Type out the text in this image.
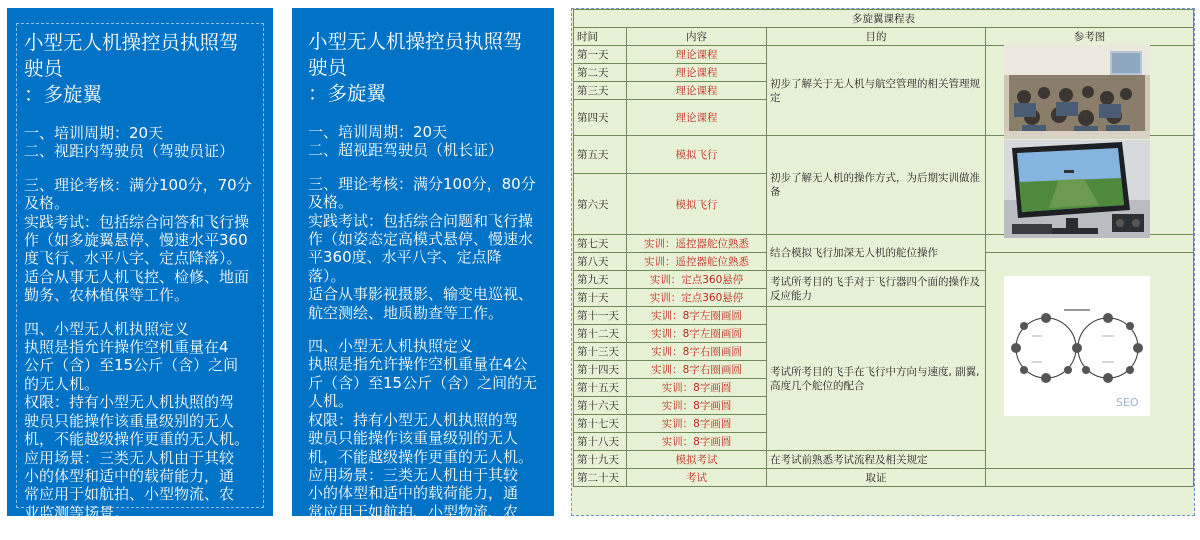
小型无人机操控员执照驾驶员
：多旋翼

一、培训周期：20天
二、视距内驾驶员（驾驶员证）

三、理论考核：满分100分，70分
及格。

实践考试：包括综合问答和飞行操
作（如多旋翼悬停、慢速水平360
度飞行、水平八字、定点降落）。
适合从事无人机飞控、检修、地面
勤务、农林植保等工作。

四、小型无人机执照定义
执照是指允许操作空机重量在4
公斤（含）至15公斤（含）之间
的无人机。

权限：持有小型无人机执照的驾
驶员只能操作该重量级别的无人
机，不能越级操作更重的无人机。

应用场景：三类无人机由于其较
小的体型和适中的载荷能力，通
常应用于如航拍、小型物流、农
业监测等场景。

小型无人机操控员执照驾驶员
：多旋翼

一、培训周期：20天
二、超视距驾驶员（机长证）

三、理论考核：满分100分，80分
及格。

实践考试：包括综合问题和飞行操
作（如姿态定高模式悬停、慢速水
平360度、水平八字、定点降落）。
适合从事影视摄影、输变电巡视、
航空测绘、地质勘查等工作。

四、小型无人机执照定义
执照是指允许操作空机重量在4公
斤（含）至15公斤（含）之间的无
人机。

权限：持有小型无人机执照的驾
驶员只能操作该重量级别的无人
机，不能越级操作更重的无人机。

应用场景：三类无人机由于其较
小的体型和适中的载荷能力，通
常应用于如航拍、小型物流、农
业监测等场景。

多旋翼课程表			
时间	内容	目的	参考图
第一天	理论课程	初步了解关于无人机与航空管理的相关管理规定	
第二天	理论课程		
第三天	理论课程		
第四天	理论课程		
第五天	模拟飞行	初步了解无人机的操作方式，为后期实训做准备	
第六天	模拟飞行		
第七天	实训：遥控器舵位熟悉	结合模拟飞行加深无人机的舵位操作	
第八天	实训：遥控器舵位熟悉		
第九天	实训：定点360悬停	考试所考目的飞手对于飞行器四个面的操作及反应能力	
第十天	实训：定点360悬停		
第十一天	实训：8字左圈画圆	考试所考目的飞手在飞行中方向与速度, 副翼, 高度几个舵位的配合	
第十二天	实训：8字左圈画圆		
第十三天	实训：8字右圈画圆		
第十四天	实训：8字右圈画圆		
第十五天	实训：8字画圆		
第十六天	实训：8字画圆		
第十七天	实训：8字画圆		
第十八天	实训：8字画圆		
第十九天	模拟考试	在考试前熟悉考试流程及相关规定	
第二十天	考试	取证	
SEO
